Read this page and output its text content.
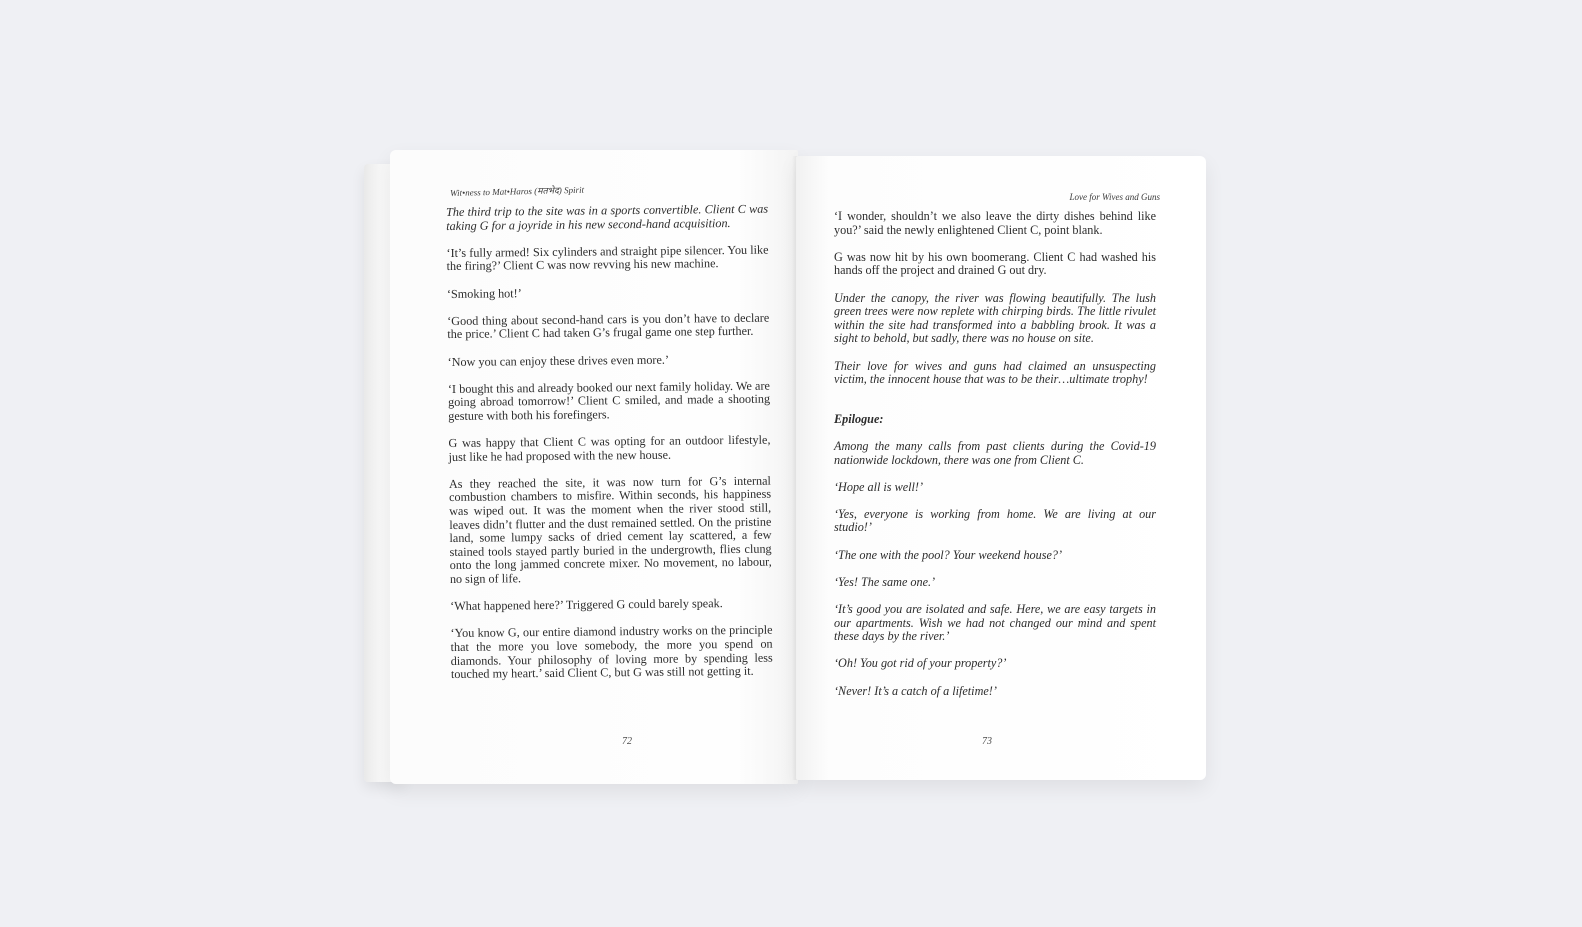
Wit•ness to Mat•Haros (मतभेद) Spirit

The third trip to the site was in a sports convertible. Client C was taking G for a joyride in his new second-hand acquisition.

‘It’s fully armed! Six cylinders and straight pipe silencer. You like the firing?’ Client C was now revving his new machine.

‘Smoking hot!’

‘Good thing about second-hand cars is you don’t have to declare the price.’ Client C had taken G’s frugal game one step further.

‘Now you can enjoy these drives even more.’

‘I bought this and already booked our next family holiday. We are going abroad tomorrow!’ Client C smiled, and made a shooting gesture with both his forefingers.

G was happy that Client C was opting for an outdoor lifestyle, just like he had proposed with the new house.

As they reached the site, it was now turn for G’s internal combustion chambers to misfire. Within seconds, his happiness was wiped out. It was the moment when the river stood still, leaves didn’t flutter and the dust remained settled. On the pristine land, some lumpy sacks of dried cement lay scattered, a few stained tools stayed partly buried in the undergrowth, flies clung onto the long jammed concrete mixer. No movement, no labour, no sign of life.

‘What happened here?’ Triggered G could barely speak.

‘You know G, our entire diamond industry works on the principle that the more you love somebody, the more you spend on diamonds. Your philosophy of loving more by spending less touched my heart.’ said Client C, but G was still not getting it.

72
Love for Wives and Guns

‘I wonder, shouldn’t we also leave the dirty dishes behind like you?’ said the newly enlightened Client C, point blank.

G was now hit by his own boomerang. Client C had washed his hands off the project and drained G out dry.

Under the canopy, the river was flowing beautifully. The lush green trees were now replete with chirping birds. The little rivulet within the site had transformed into a babbling brook. It was a sight to behold, but sadly, there was no house on site.

Their love for wives and guns had claimed an unsuspecting victim, the innocent house that was to be their…ultimate trophy!

Epilogue:

Among the many calls from past clients during the Covid-19 nationwide lockdown, there was one from Client C.

‘Hope all is well!’

‘Yes, everyone is working from home. We are living at our studio!’

‘The one with the pool? Your weekend house?’

‘Yes! The same one.’

‘It’s good you are isolated and safe. Here, we are easy targets in our apartments. Wish we had not changed our mind and spent these days by the river.’

‘Oh! You got rid of your property?’

‘Never! It’s a catch of a lifetime!’

73
